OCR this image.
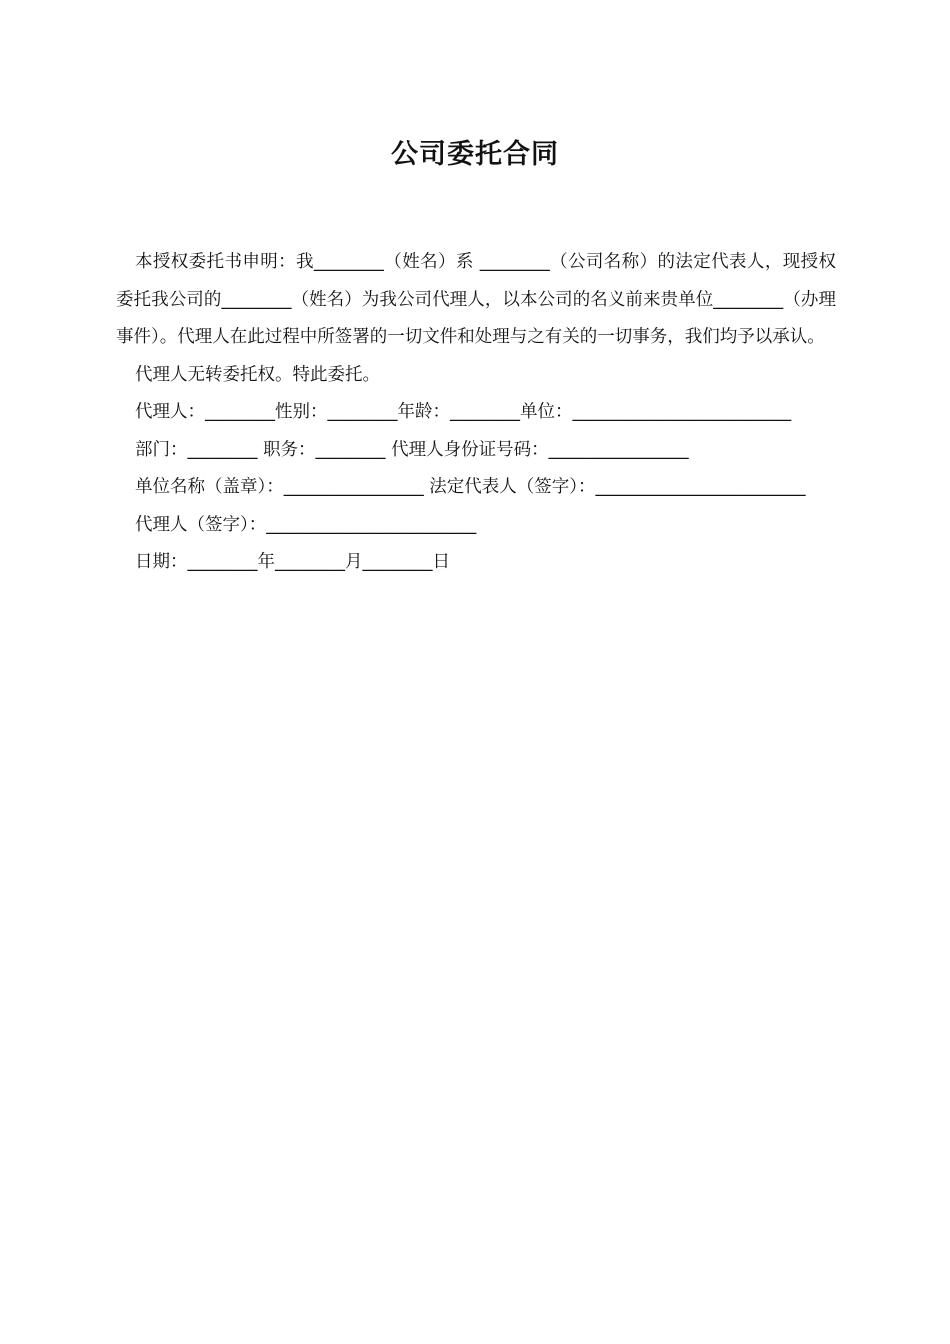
公司委托合同

本授权委托书申明：我________（姓名）系 ________（公司名称）的法定代表人，现授权委托我公司的________（姓名）为我公司代理人，以本公司的名义前来贵单位________（办理事件）。代理人在此过程中所签署的一切文件和处理与之有关的一切事务，我们均予以承认。

代理人无转委托权。特此委托。

代理人：________性别：________年龄：________单位：_________________________

部门：________ 职务：________ 代理人身份证号码：________________

单位名称（盖章）：________________ 法定代表人（签字）：________________________

代理人（签字）：________________________

日期：________年________月________日
